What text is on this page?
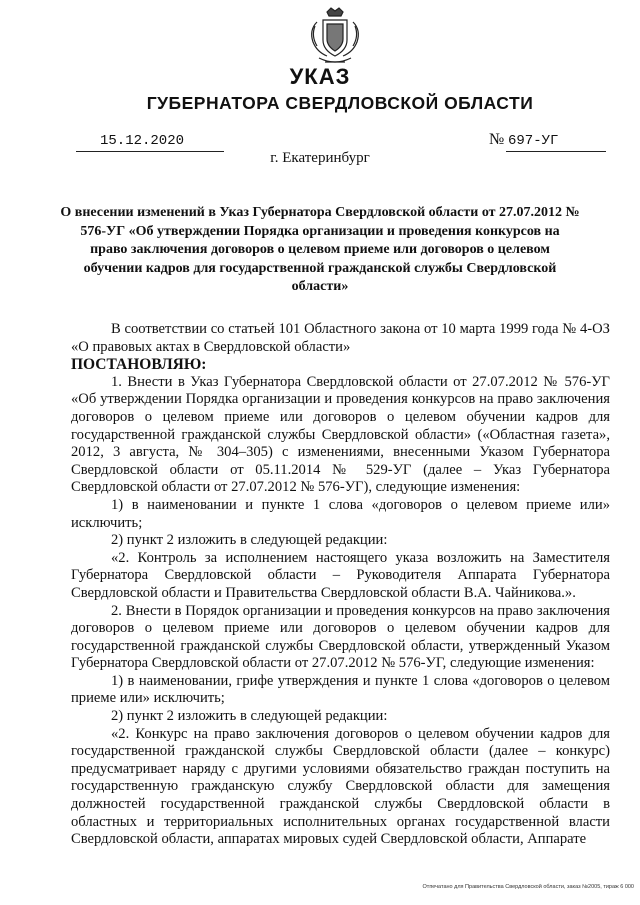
УКАЗ
ГУБЕРНАТОРА СВЕРДЛОВСКОЙ ОБЛАСТИ
15.12.2020	№ 697-УГ
г. Екатеринбург
О внесении изменений в Указ Губернатора Свердловской области от 27.07.2012 № 576-УГ «Об утверждении Порядка организации и проведения конкурсов на право заключения договоров о целевом приеме или договоров о целевом обучении кадров для государственной гражданской службы Свердловской области»

В соответствии со статьей 101 Областного закона от 10 марта 1999 года № 4-ОЗ «О правовых актах в Свердловской области»

ПОСТАНОВЛЯЮ:

1. Внести в Указ Губернатора Свердловской области от 27.07.2012 № 576-УГ «Об утверждении Порядка организации и проведения конкурсов на право заключения договоров о целевом приеме или договоров о целевом обучении кадров для государственной гражданской службы Свердловской области» («Областная газета», 2012, 3 августа, № 304–305) с изменениями, внесенными Указом Губернатора Свердловской области от 05.11.2014 № 529-УГ (далее – Указ Губернатора Свердловской области от 27.07.2012 № 576-УГ), следующие изменения:

1) в наименовании и пункте 1 слова «договоров о целевом приеме или» исключить;

2) пункт 2 изложить в следующей редакции:

«2. Контроль за исполнением настоящего указа возложить на Заместителя Губернатора Свердловской области – Руководителя Аппарата Губернатора Свердловской области и Правительства Свердловской области В.А. Чайникова.».

2. Внести в Порядок организации и проведения конкурсов на право заключения договоров о целевом приеме или договоров о целевом обучении кадров для государственной гражданской службы Свердловской области, утвержденный Указом Губернатора Свердловской области от 27.07.2012 № 576-УГ, следующие изменения:

1) в наименовании, грифе утверждения и пункте 1 слова «договоров о целевом приеме или» исключить;

2) пункт 2 изложить в следующей редакции:

«2. Конкурс на право заключения договоров о целевом обучении кадров для государственной гражданской службы Свердловской области (далее – конкурс) предусматривает наряду с другими условиями обязательство граждан поступить на государственную гражданскую службу Свердловской области для замещения должностей государственной гражданской службы Свердловской области в областных и территориальных исполнительных органах государственной власти Свердловской области, аппаратах мировых судей Свердловской области, Аппарате

Отпечатано для Правительства Свердловской области, заказ №2005, тираж 6 000
